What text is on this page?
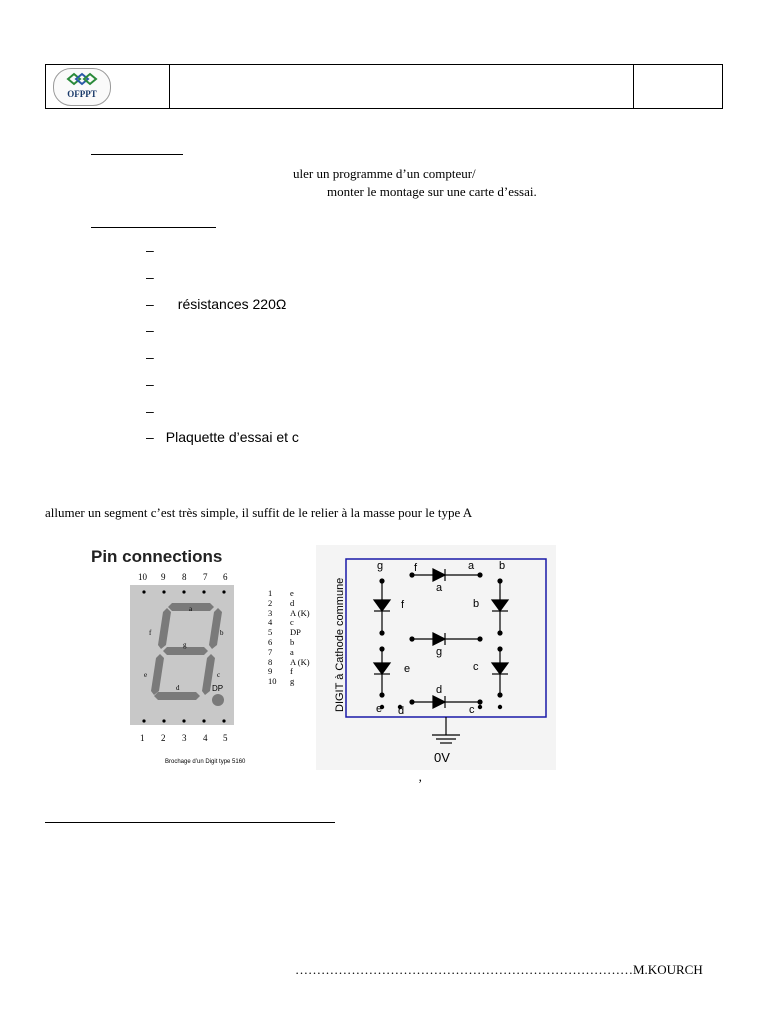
OFPPT
uler un programme d’un compteur/
monter le montage sur une carte d’essai.
–
–
– résistances 220Ω
–
–
–
–
– Plaquette d’essai et c
allumer un segment c’est très simple, il suffit de le relier à la masse pour le type A
Pin connections
10 9 8 7 6
a
b
c
d
e
f
g
DP
1 2 3 4 5
Brochage d’un Digit type 5160
1 e
2 d
3 A (K)
4 c
5 DP
6 b
7 a
8 A (K)
9 f
10 g
g	f	a b
a
f	b
g
e	c
d
e d	c
0V
DIGIT à Cathode commune
’
……………………………………………………………………M.KOURCH
